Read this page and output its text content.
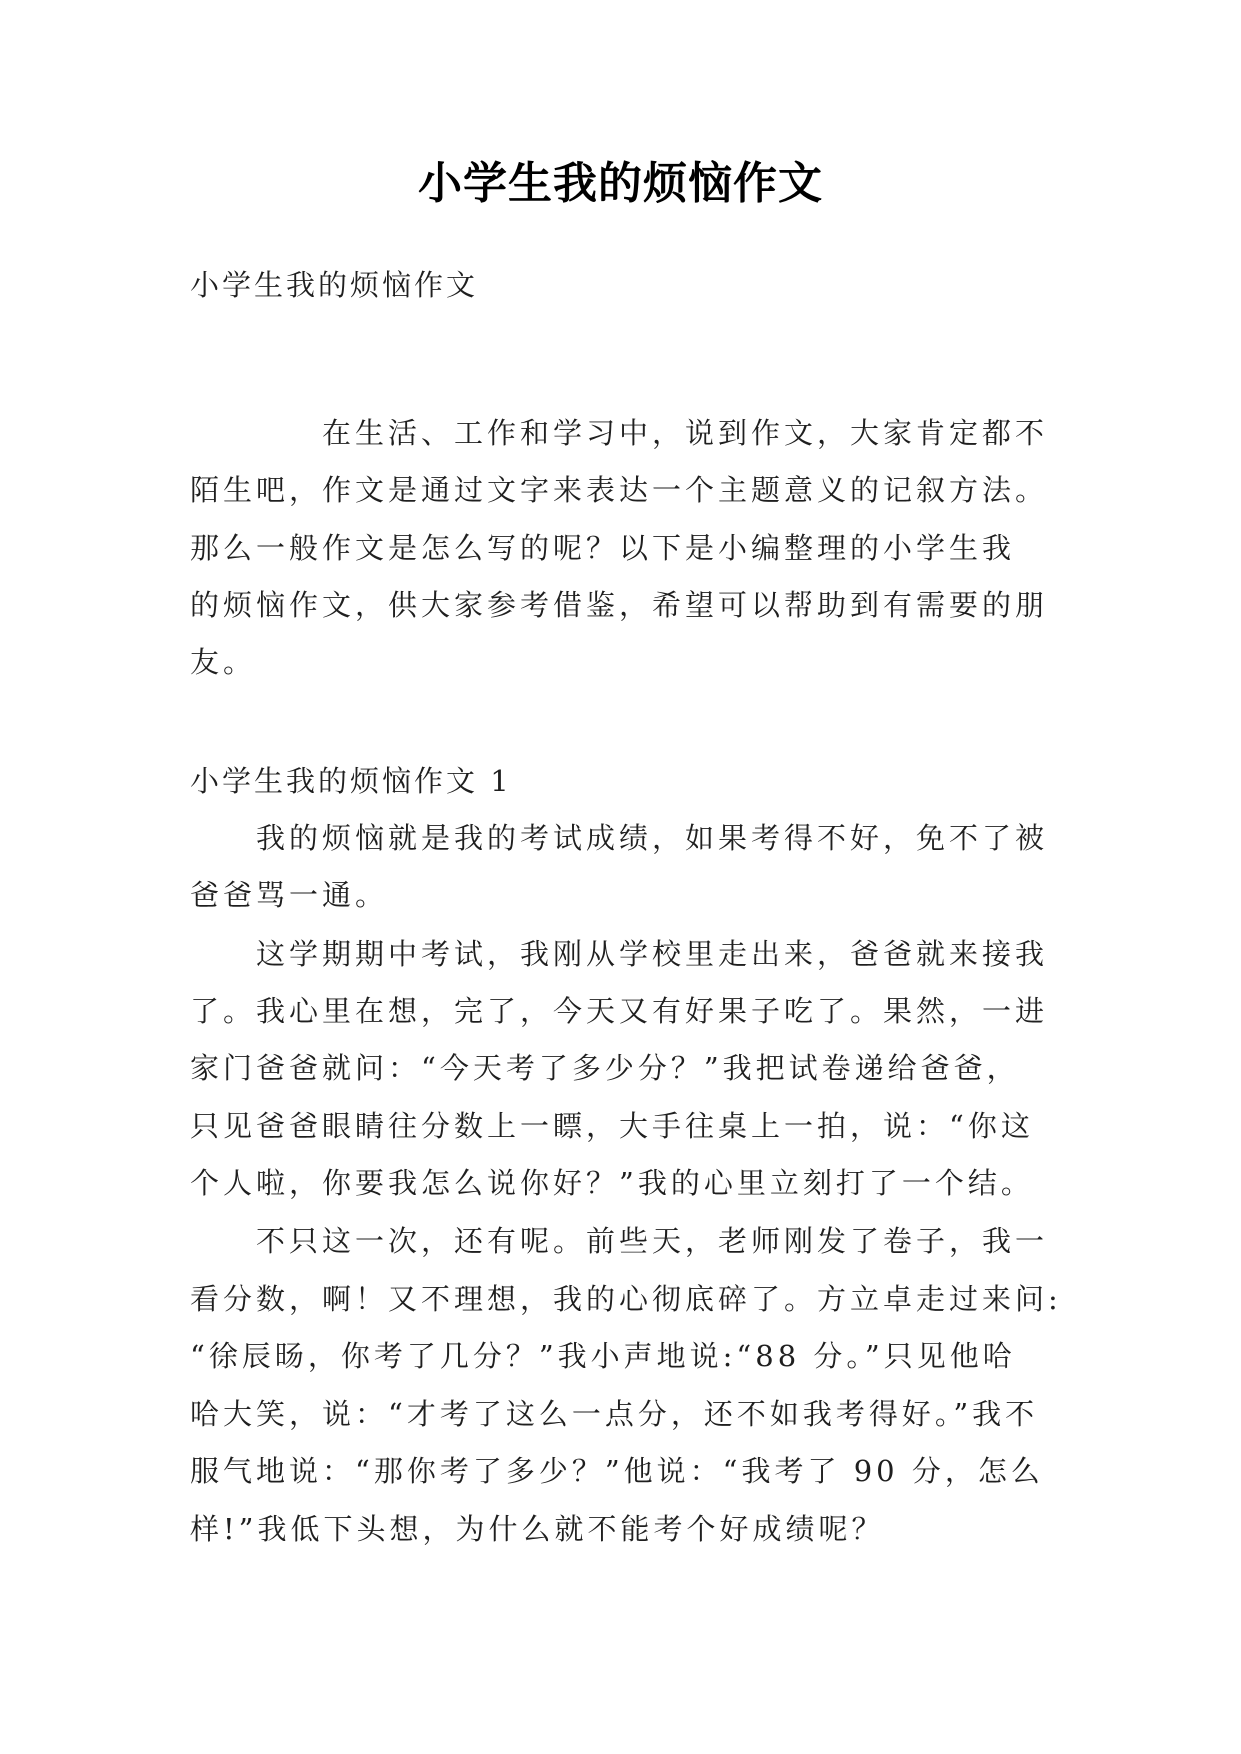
小学生我的烦恼作文
小学生我的烦恼作文
在生活、工作和学习中，说到作文，大家肯定都不
陌生吧，作文是通过文字来表达一个主题意义的记叙方法。
那么一般作文是怎么写的呢？以下是小编整理的小学生我
的烦恼作文，供大家参考借鉴，希望可以帮助到有需要的朋
友。
小学生我的烦恼作文 1
我的烦恼就是我的考试成绩，如果考得不好，免不了被
爸爸骂一通。
这学期期中考试，我刚从学校里走出来，爸爸就来接我
了。我心里在想，完了，今天又有好果子吃了。果然，一进
家门爸爸就问：“今天考了多少分？”我把试卷递给爸爸，
只见爸爸眼睛往分数上一瞟，大手往桌上一拍，说：“你这
个人啦，你要我怎么说你好？”我的心里立刻打了一个结。
不只这一次，还有呢。前些天，老师刚发了卷子，我一
看分数，啊！又不理想，我的心彻底碎了。方立卓走过来问:
“徐辰旸，你考了几分？”我小声地说:“88 分。”只见他哈
哈大笑，说：“才考了这么一点分，还不如我考得好。”我不
服气地说：“那你考了多少？”他说：“我考了 90 分，怎么
样!”我低下头想，为什么就不能考个好成绩呢？
